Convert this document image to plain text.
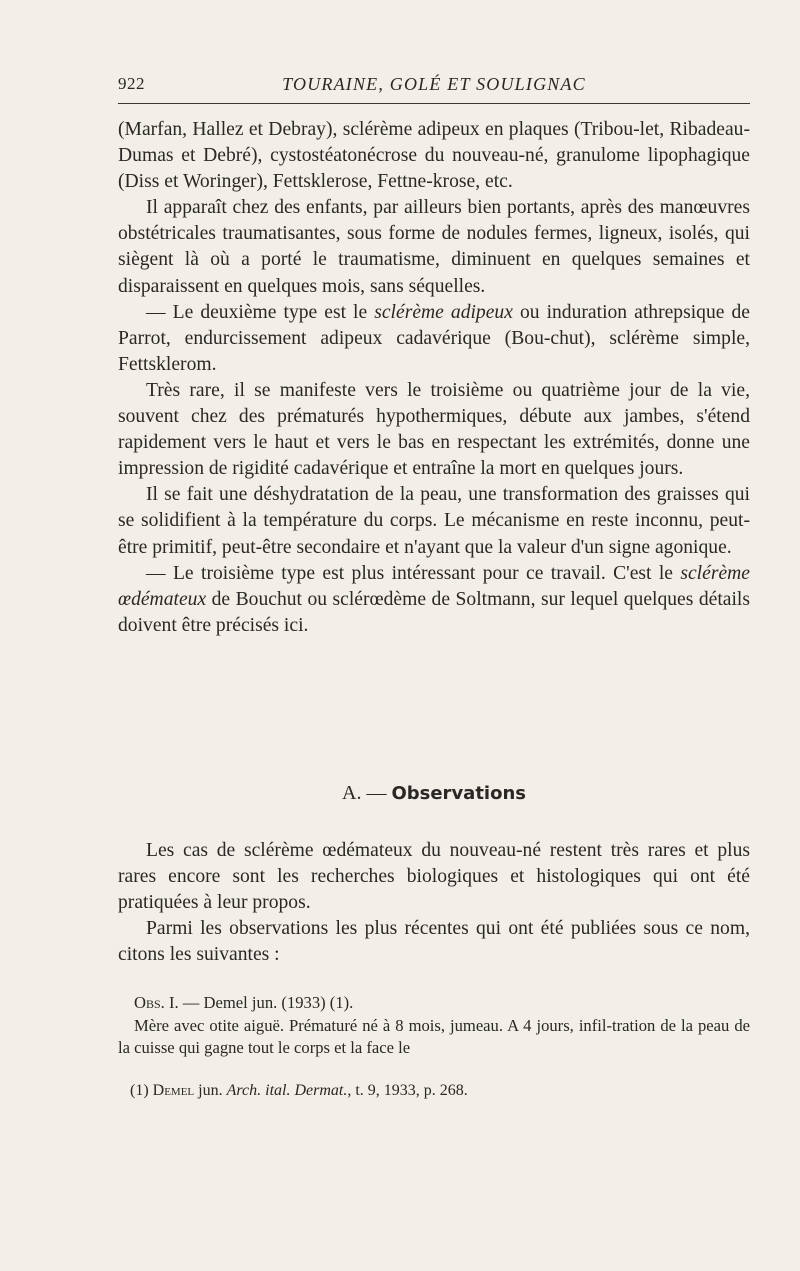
922	TOURAINE, GOLÉ ET SOULIGNAC

(Marfan, Hallez et Debray), sclérème adipeux en plaques (Tribou-let, Ribadeau-Dumas et Debré), cystostéatonécrose du nouveau-né, granulome lipophagique (Diss et Woringer), Fettsklerose, Fettne-krose, etc.

Il apparaît chez des enfants, par ailleurs bien portants, après des manœuvres obstétricales traumatisantes, sous forme de nodules fermes, ligneux, isolés, qui siègent là où a porté le traumatisme, diminuent en quelques semaines et disparaissent en quelques mois, sans séquelles.

— Le deuxième type est le sclérème adipeux ou induration athrepsique de Parrot, endurcissement adipeux cadavérique (Bou-chut), sclérème simple, Fettsklerom.

Très rare, il se manifeste vers le troisième ou quatrième jour de la vie, souvent chez des prématurés hypothermiques, débute aux jambes, s'étend rapidement vers le haut et vers le bas en respectant les extrémités, donne une impression de rigidité cadavérique et entraîne la mort en quelques jours.

Il se fait une déshydratation de la peau, une transformation des graisses qui se solidifient à la température du corps. Le mécanisme en reste inconnu, peut-être primitif, peut-être secondaire et n'ayant que la valeur d'un signe agonique.

— Le troisième type est plus intéressant pour ce travail. C'est le sclérème œdémateux de Bouchut ou sclérœdème de Soltmann, sur lequel quelques détails doivent être précisés ici.

A. — Observations

Les cas de sclérème œdémateux du nouveau-né restent très rares et plus rares encore sont les recherches biologiques et histologiques qui ont été pratiquées à leur propos.

Parmi les observations les plus récentes qui ont été publiées sous ce nom, citons les suivantes :

Obs. I. — Demel jun. (1933) (1).

Mère avec otite aiguë. Prématuré né à 8 mois, jumeau. A 4 jours, infil-tration de la peau de la cuisse qui gagne tout le corps et la face le

(1) Demel jun. Arch. ital. Dermat., t. 9, 1933, p. 268.
